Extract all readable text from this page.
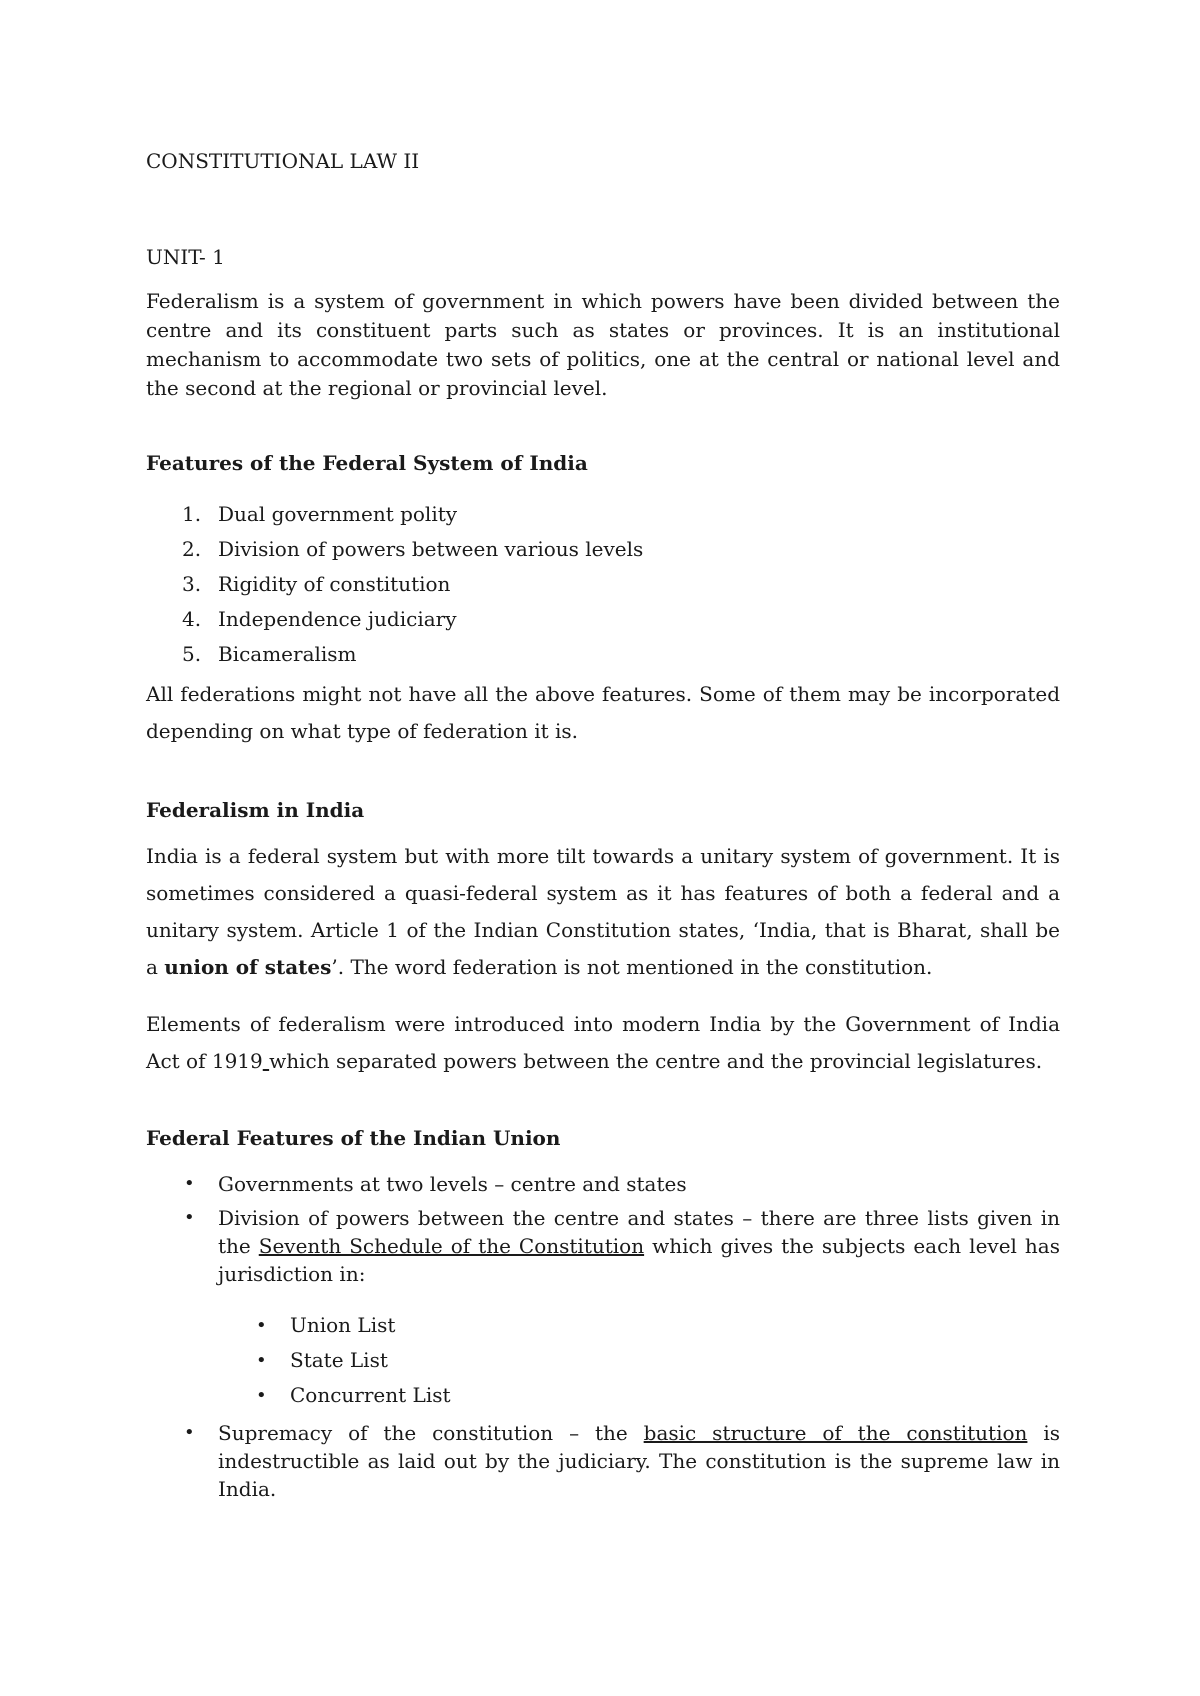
CONSTITUTIONAL LAW II

UNIT- 1

Federalism is a system of government in which powers have been divided between the centre and its constituent parts such as states or provinces. It is an institutional mechanism to accommodate two sets of politics, one at the central or national level and the second at the regional or provincial level.

Features of the Federal System of India

1. Dual government polity
2. Division of powers between various levels
3. Rigidity of constitution
4. Independence judiciary
5. Bicameralism

All federations might not have all the above features. Some of them may be incorporated depending on what type of federation it is.

Federalism in India

India is a federal system but with more tilt towards a unitary system of government. It is sometimes considered a quasi-federal system as it has features of both a federal and a unitary system. Article 1 of the Indian Constitution states, ‘India, that is Bharat, shall be a union of states’. The word federation is not mentioned in the constitution.

Elements of federalism were introduced into modern India by the Government of India Act of 1919 which separated powers between the centre and the provincial legislatures.

Federal Features of the Indian Union

• Governments at two levels – centre and states
• Division of powers between the centre and states – there are three lists given in the Seventh Schedule of the Constitution which gives the subjects each level has jurisdiction in:
• Union List
• State List
• Concurrent List
• Supremacy of the constitution – the basic structure of the constitution is indestructible as laid out by the judiciary. The constitution is the supreme law in India.
